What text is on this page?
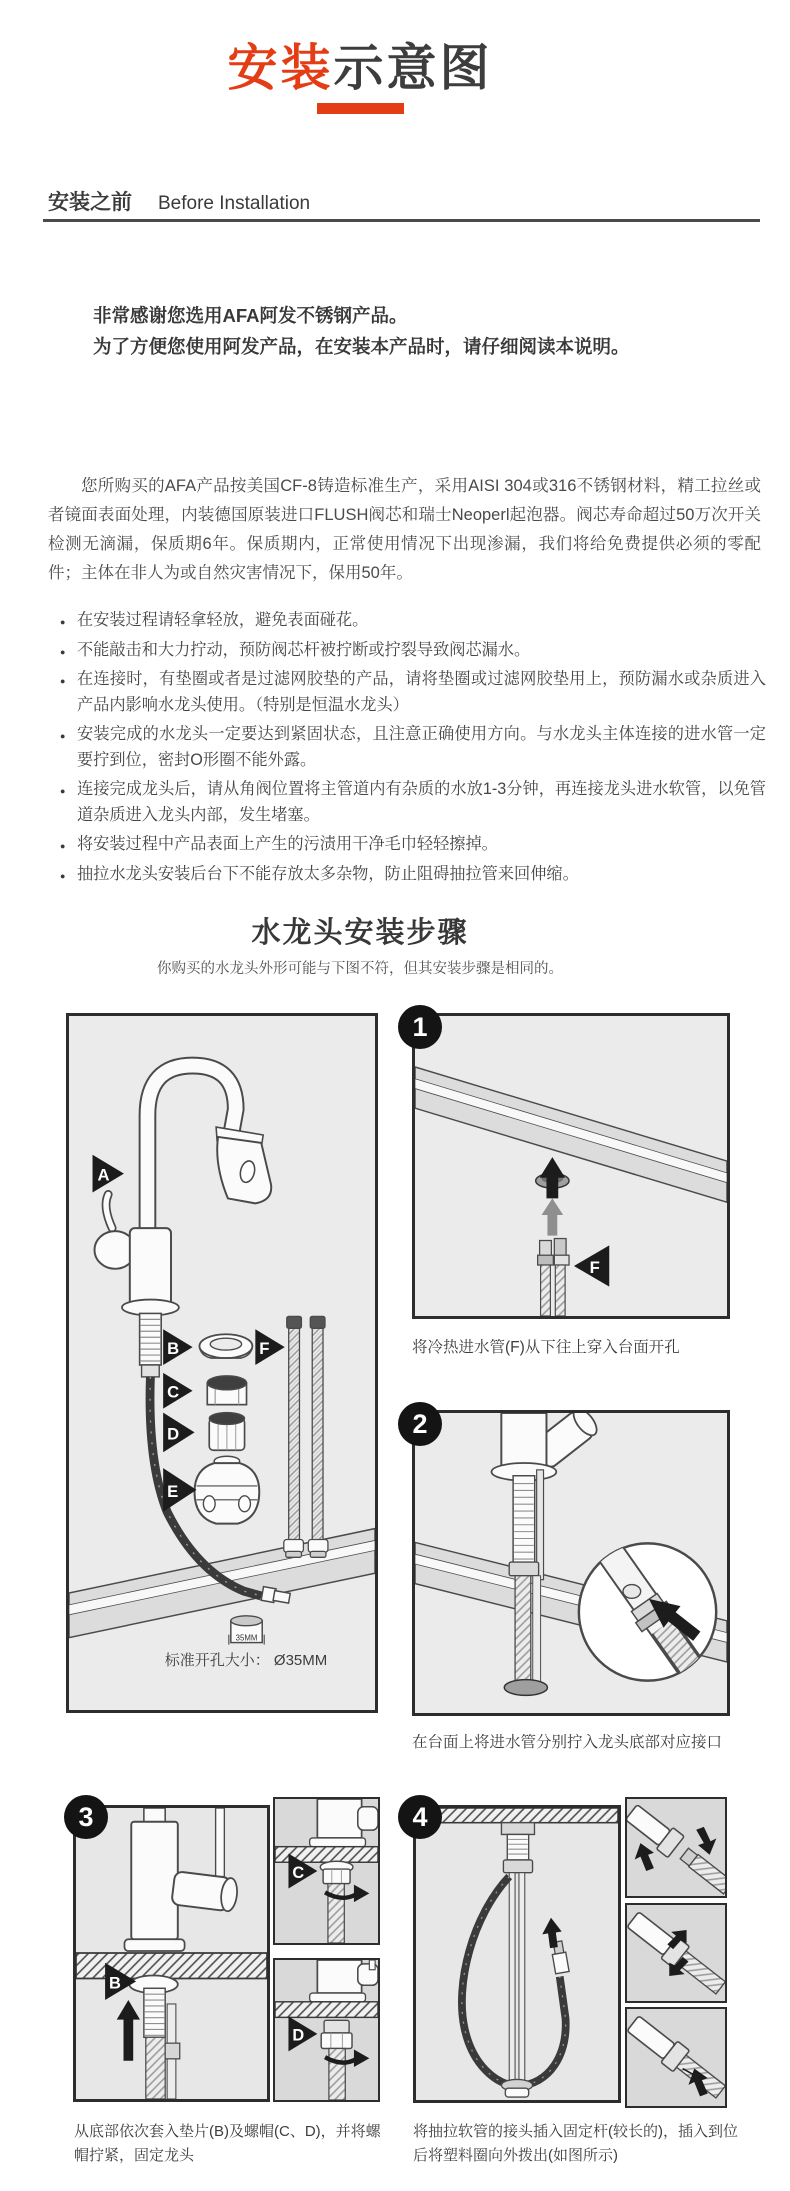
安装示意图
安装之前 Before Installation
非常感谢您选用AFA阿发不锈钢产品。
为了方便您使用阿发产品，在安装本产品时，请仔细阅读本说明。
您所购买的AFA产品按美国CF-8铸造标准生产，采用AISI 304或316不锈钢材料，精工拉丝或者镜面表面处理，内装德国原装进口FLUSH阀芯和瑞士Neoperl起泡器。阀芯寿命超过50万次开关检测无滴漏，保质期6年。保质期内，正常使用情况下出现渗漏，我们将给免费提供必须的零配件；主体在非人为或自然灾害情况下，保用50年。
● 在安装过程请轻拿轻放，避免表面碰花。
● 不能敲击和大力拧动，预防阀芯杆被拧断或拧裂导致阀芯漏水。
● 在连接时，有垫圈或者是过滤网胶垫的产品，请将垫圈或过滤网胶垫用上，预防漏水或杂质进入产品内影响水龙头使用。（特别是恒温水龙头）
● 安装完成的水龙头一定要达到紧固状态，且注意正确使用方向。与水龙头主体连接的进水管一定要拧到位，密封O形圈不能外露。
● 连接完成龙头后，请从角阀位置将主管道内有杂质的水放1-3分钟，再连接龙头进水软管，以免管道杂质进入龙头内部，发生堵塞。
● 将安装过程中产品表面上产生的污渍用干净毛巾轻轻擦掉。
● 抽拉水龙头安装后台下不能存放太多杂物，防止阻碍抽拉管来回伸缩。
水龙头安装步骤
你购买的水龙头外形可能与下图不符，但其安装步骤是相同的。
A
B
C
D
E
F
35MM
标准开孔大小： Ø35MM
1
F
将冷热进水管(F)从下往上穿入台面开孔
2
在台面上将进水管分别拧入龙头底部对应接口
3
B
C
D
从底部依次套入垫片(B)及螺帽(C、D)，并将螺帽拧紧，固定龙头
4
将抽拉软管的接头插入固定杆(较长的)，插入到位后将塑料圈向外拨出(如图所示)
